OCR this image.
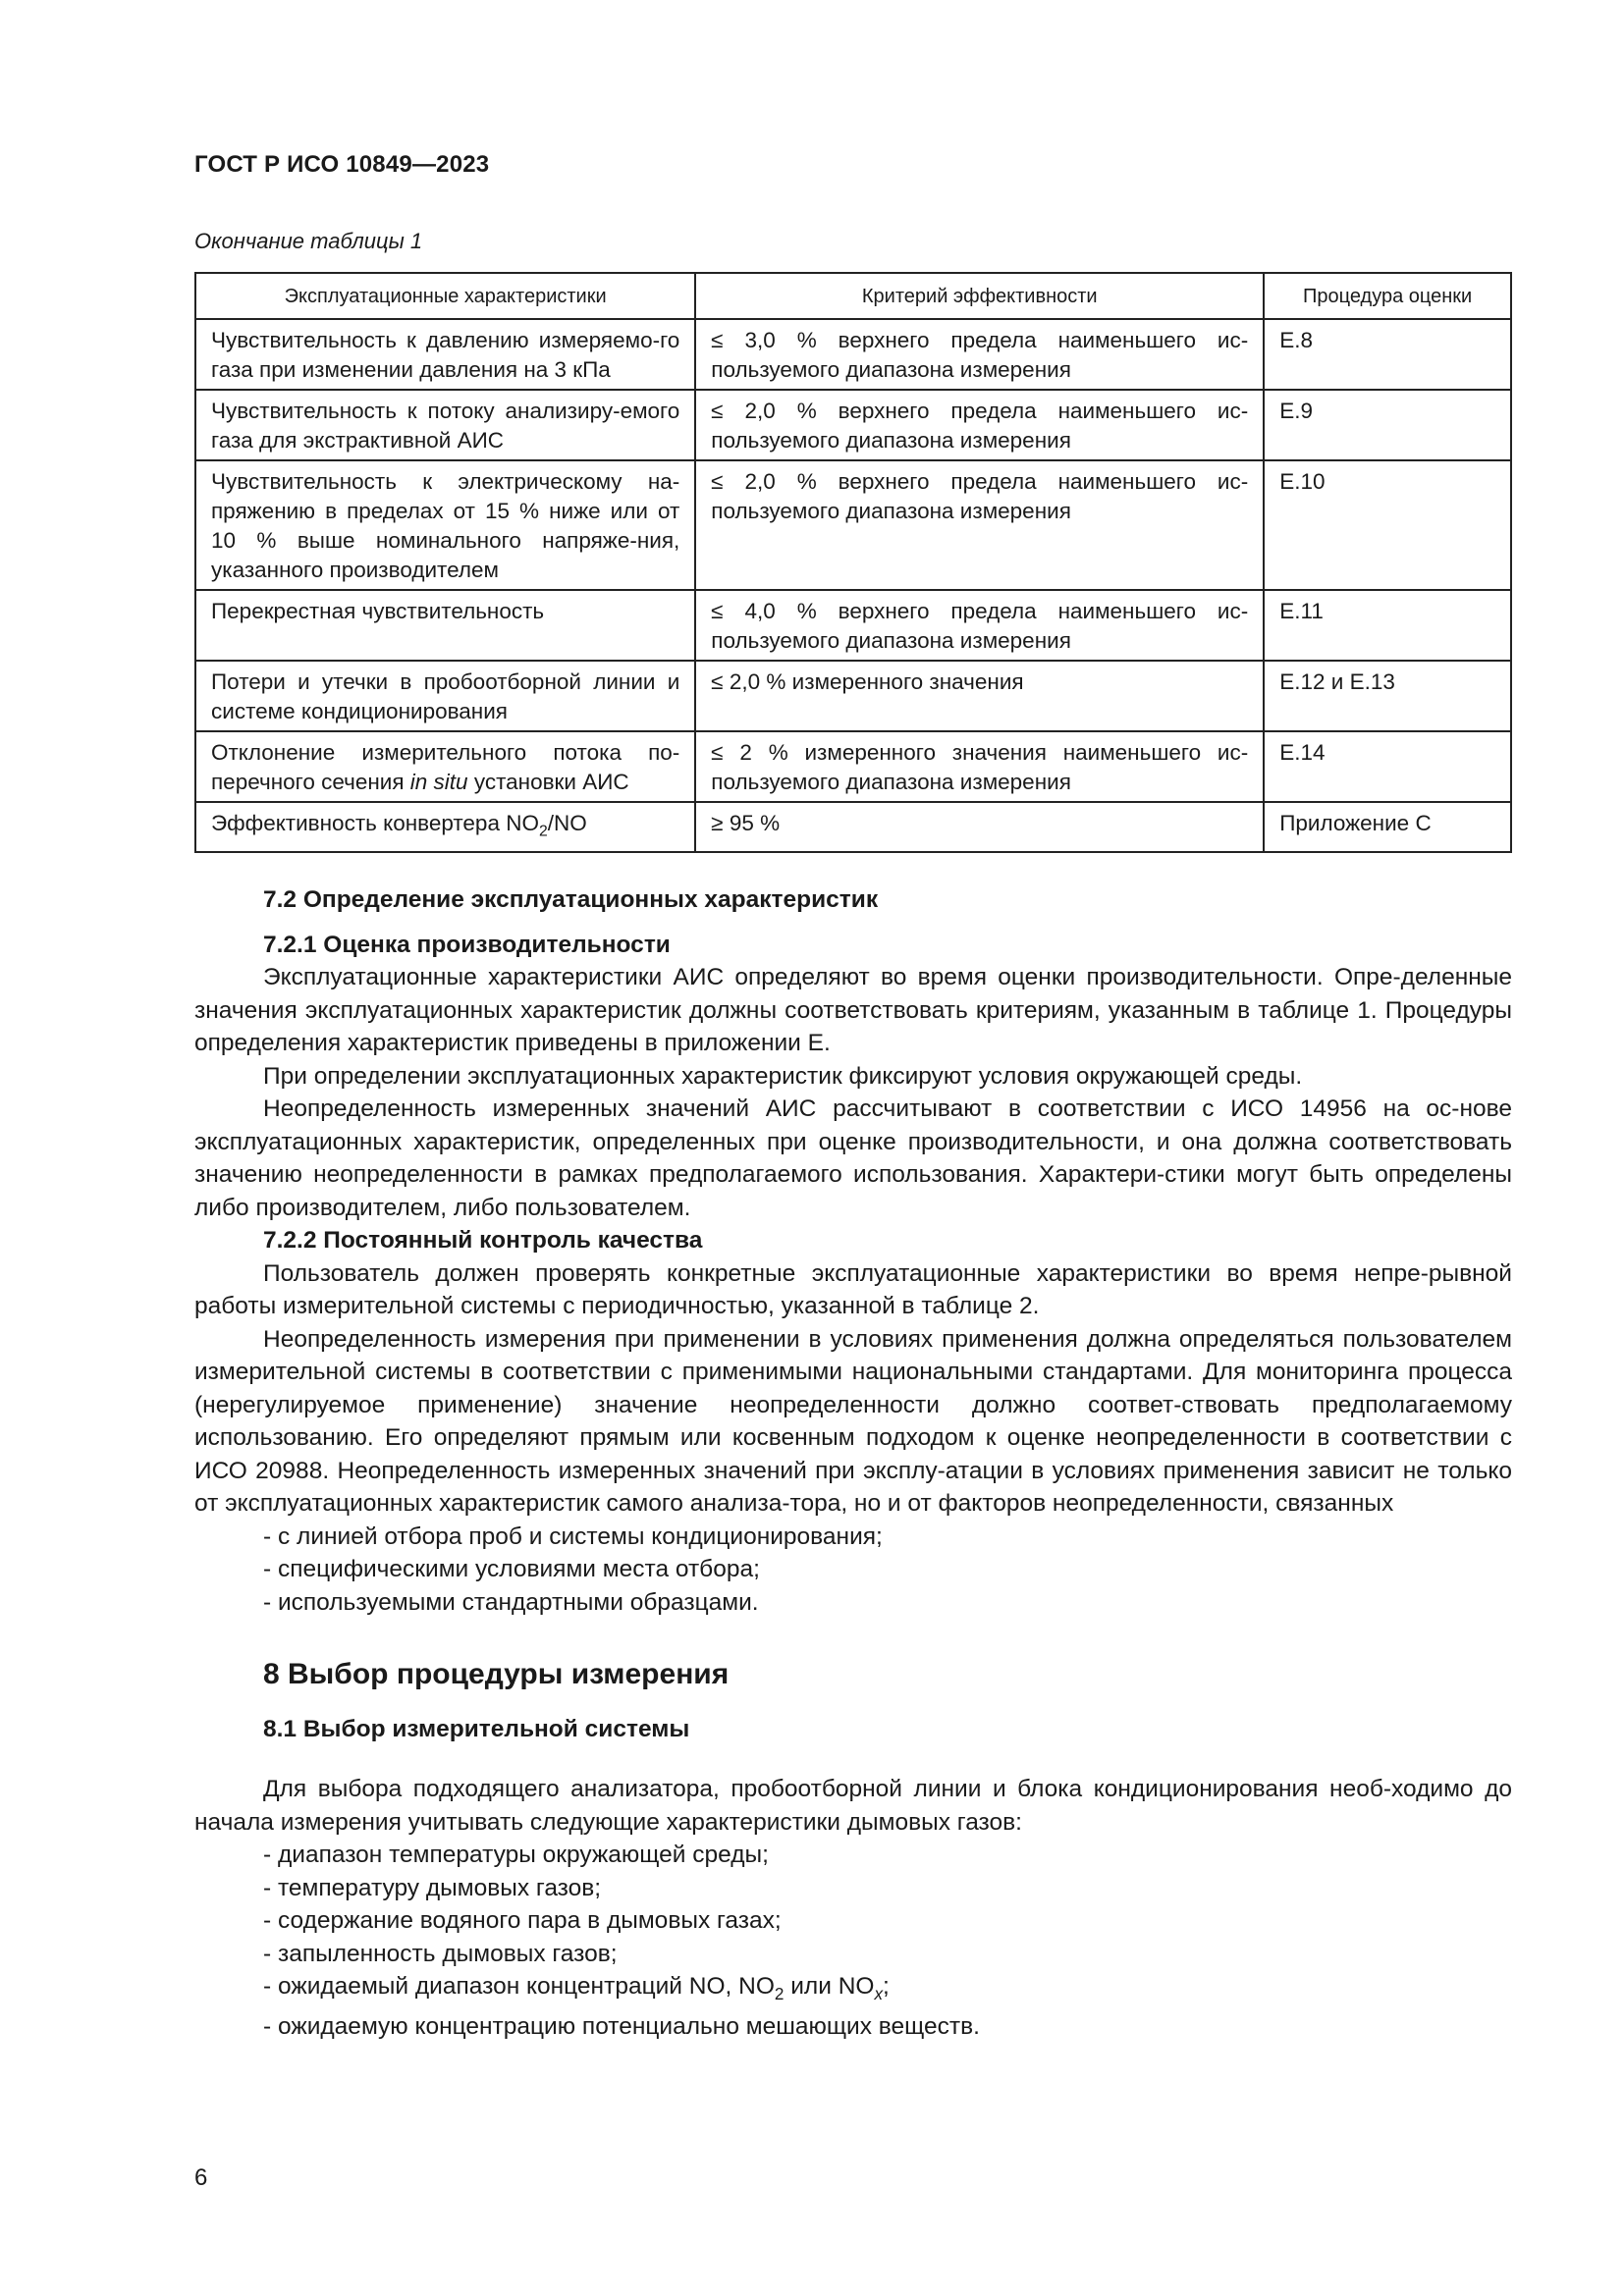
ГОСТ Р ИСО 10849—2023
Окончание таблицы 1
Эксплуатационные характеристики	Критерий эффективности	Процедура оценки
Чувствительность к давлению измеряемо-го газа при изменении давления на 3 кПа	≤ 3,0 % верхнего предела наименьшего ис-пользуемого диапазона измерения	E.8
Чувствительность к потоку анализиру-емого газа для экстрактивной АИС	≤ 2,0 % верхнего предела наименьшего ис-пользуемого диапазона измерения	E.9
Чувствительность к электрическому на-пряжению в пределах от 15 % ниже или от 10 % выше номинального напряже-ния, указанного производителем	≤ 2,0 % верхнего предела наименьшего ис-пользуемого диапазона измерения	E.10
Перекрестная чувствительность	≤ 4,0 % верхнего предела наименьшего ис-пользуемого диапазона измерения	E.11
Потери и утечки в пробоотборной линии и системе кондиционирования	≤ 2,0 % измеренного значения	E.12 и E.13
Отклонение измерительного потока по-перечного сечения in situ установки АИС	≤ 2 % измеренного значения наименьшего ис-пользуемого диапазона измерения	E.14
Эффективность конвертера $NO_2/NO$	≥ 95 %	Приложение С

7.2 Определение эксплуатационных характеристик

7.2.1 Оценка производительности

Эксплуатационные характеристики АИС определяют во время оценки производительности. Опре-деленные значения эксплуатационных характеристик должны соответствовать критериям, указанным в таблице 1. Процедуры определения характеристик приведены в приложении E.

При определении эксплуатационных характеристик фиксируют условия окружающей среды.

Неопределенность измеренных значений АИС рассчитывают в соответствии с ИСО 14956 на ос-нове эксплуатационных характеристик, определенных при оценке производительности, и она должна соответствовать значению неопределенности в рамках предполагаемого использования. Характери-стики могут быть определены либо производителем, либо пользователем.

7.2.2 Постоянный контроль качества

Пользователь должен проверять конкретные эксплуатационные характеристики во время непре-рывной работы измерительной системы с периодичностью, указанной в таблице 2.

Неопределенность измерения при применении в условиях применения должна определяться пользователем измерительной системы в соответствии с применимыми национальными стандартами. Для мониторинга процесса (нерегулируемое применение) значение неопределенности должно соответ-ствовать предполагаемому использованию. Его определяют прямым или косвенным подходом к оценке неопределенности в соответствии с ИСО 20988. Неопределенность измеренных значений при эксплу-атации в условиях применения зависит не только от эксплуатационных характеристик самого анализа-тора, но и от факторов неопределенности, связанных

- с линией отбора проб и системы кондиционирования;

- специфическими условиями места отбора;

- используемыми стандартными образцами.

8 Выбор процедуры измерения

8.1 Выбор измерительной системы

Для выбора подходящего анализатора, пробоотборной линии и блока кондиционирования необ-ходимо до начала измерения учитывать следующие характеристики дымовых газов:

- диапазон температуры окружающей среды;

- температуру дымовых газов;

- содержание водяного пара в дымовых газах;

- запыленность дымовых газов;

- ожидаемый диапазон концентраций NO, $NO_2$ или $NO_x$;

- ожидаемую концентрацию потенциально мешающих веществ.

6
